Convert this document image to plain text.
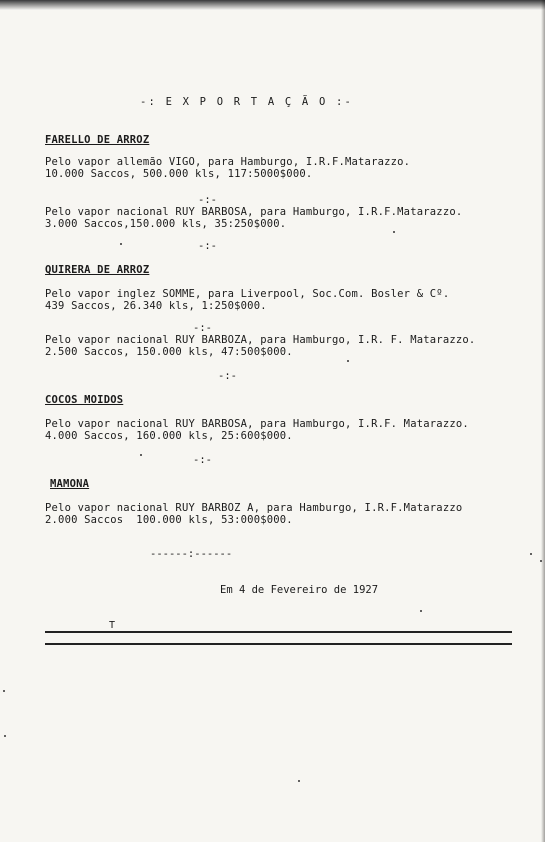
-: E X P O R T A Ç Ã O :-
FARELLO DE ARROZ
Pelo vapor allemão VIGO, para Hamburgo, I.R.F.Matarazzo.
10.000 Saccos, 500.000 kls, 117:5000$000.
-:-
Pelo vapor nacional RUY BARBOSA, para Hamburgo, I.R.F.Matarazzo.
3.000 Saccos,150.000 kls, 35:250$000.
-:-
QUIRERA DE ARROZ
Pelo vapor inglez SOMME, para Liverpool, Soc.Com. Bosler & Cº.
439 Saccos, 26.340 kls, 1:250$000.
-:-
Pelo vapor nacional RUY BARBOZA, para Hamburgo, I.R. F. Matarazzo.
2.500 Saccos, 150.000 kls, 47:500$000.
-:-
COCOS MOIDOS
Pelo vapor nacional RUY BARBOSA, para Hamburgo, I.R.F. Matarazzo.
4.000 Saccos, 160.000 kls, 25:600$000.
-:-
MAMONA
Pelo vapor nacional RUY BARBOZ A, para Hamburgo, I.R.F.Matarazzo
2.000 Saccos  100.000 kls, 53:000$000.
------:------
Em 4 de Fevereiro de 1927
T
